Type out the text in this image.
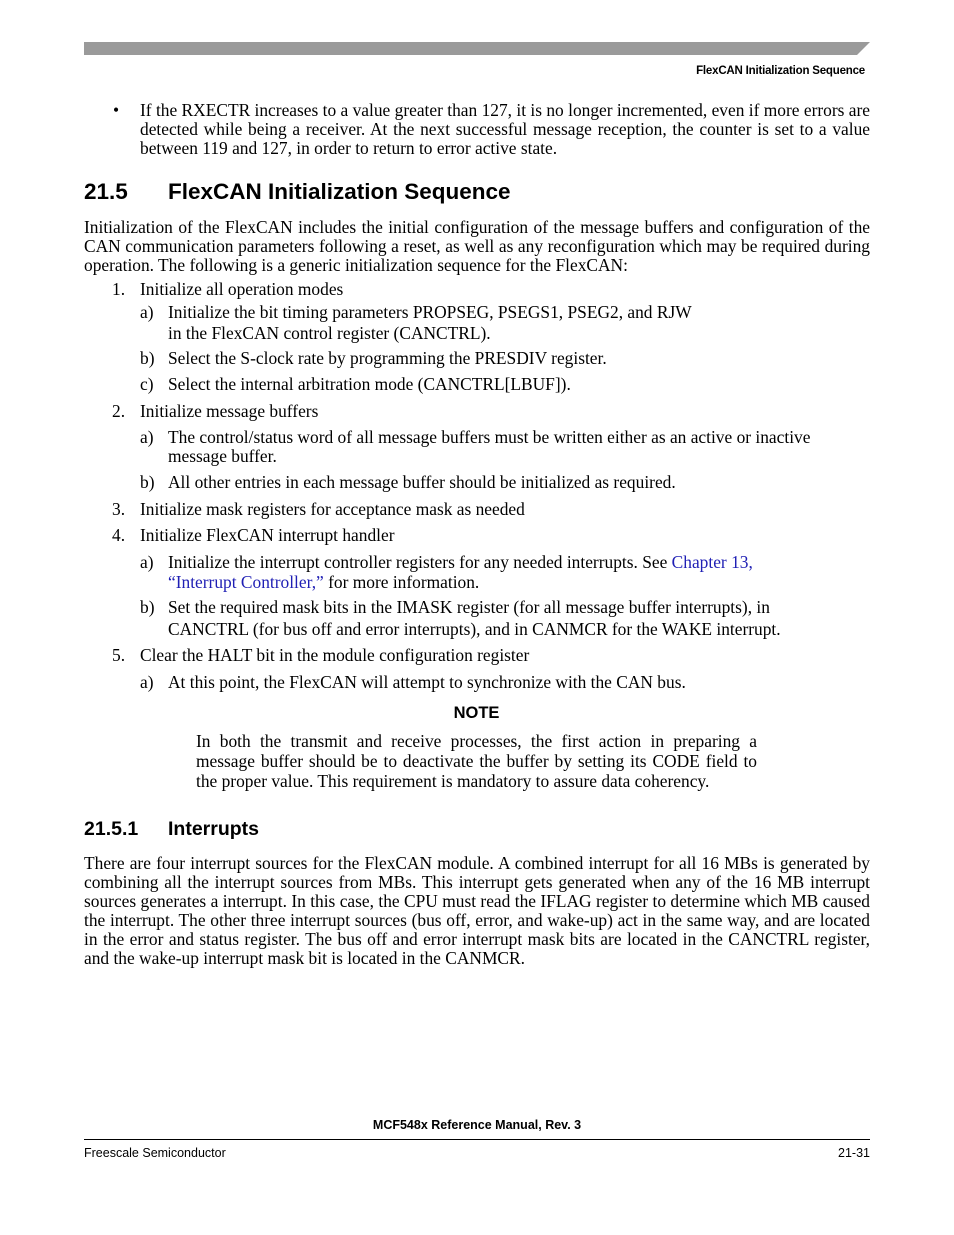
FlexCAN Initialization Sequence
• If the RXECTR increases to a value greater than 127, it is no longer incremented, even if more errors are detected while being a receiver. At the next successful message reception, the counter is set to a value between 119 and 127, in order to return to error active state.
21.5 FlexCAN Initialization Sequence
Initialization of the FlexCAN includes the initial configuration of the message buffers and configuration of the CAN communication parameters following a reset, as well as any reconfiguration which may be required during operation. The following is a generic initialization sequence for the FlexCAN:
1. Initialize all operation modes
a) Initialize the bit timing parameters PROPSEG, PSEGS1, PSEG2, and RJW
in the FlexCAN control register (CANCTRL).
b) Select the S-clock rate by programming the PRESDIV register.
c) Select the internal arbitration mode (CANCTRL[LBUF]).
2. Initialize message buffers
a) The control/status word of all message buffers must be written either as an active or inactive message buffer.
b) All other entries in each message buffer should be initialized as required.
3. Initialize mask registers for acceptance mask as needed
4. Initialize FlexCAN interrupt handler
a) Initialize the interrupt controller registers for any needed interrupts. See Chapter 13,
“Interrupt Controller,” for more information.
b) Set the required mask bits in the IMASK register (for all message buffer interrupts), in
CANCTRL (for bus off and error interrupts), and in CANMCR for the WAKE interrupt.
5. Clear the HALT bit in the module configuration register
a) At this point, the FlexCAN will attempt to synchronize with the CAN bus.
NOTE
In both the transmit and receive processes, the first action in preparing a message buffer should be to deactivate the buffer by setting its CODE field to the proper value. This requirement is mandatory to assure data coherency.
21.5.1 Interrupts
There are four interrupt sources for the FlexCAN module. A combined interrupt for all 16 MBs is generated by combining all the interrupt sources from MBs. This interrupt gets generated when any of the 16 MB interrupt sources generates a interrupt. In this case, the CPU must read the IFLAG register to determine which MB caused the interrupt. The other three interrupt sources (bus off, error, and wake-up) act in the same way, and are located in the error and status register. The bus off and error interrupt mask bits are located in the CANCTRL register, and the wake-up interrupt mask bit is located in the CANMCR.
MCF548x Reference Manual, Rev. 3
Freescale Semiconductor	21-31
